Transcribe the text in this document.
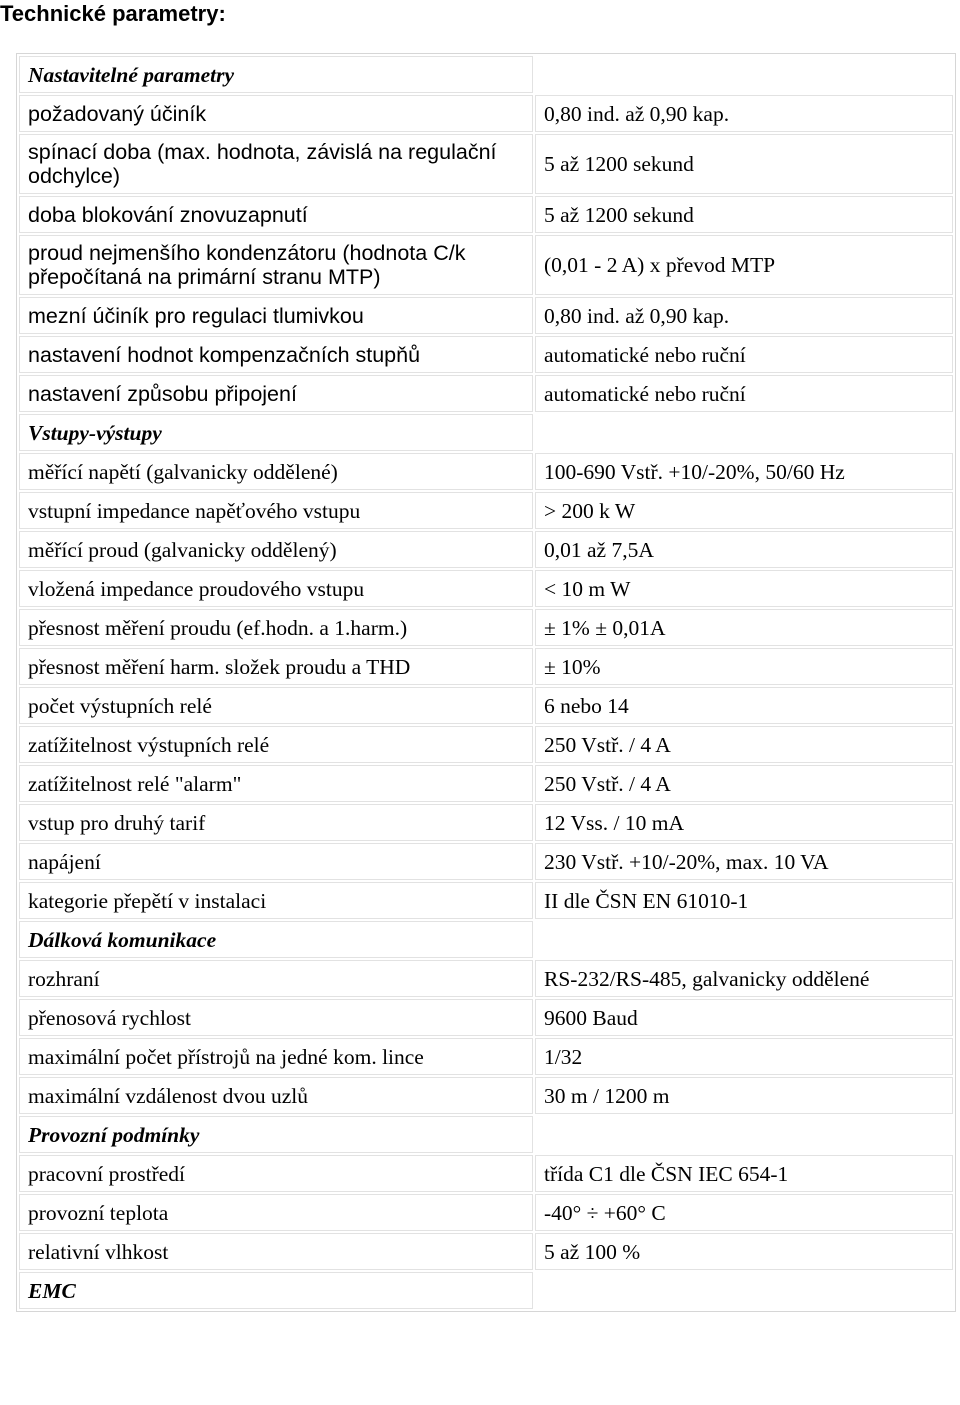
Technické parametry:
Nastavitelné parametry	
požadovaný účiník	0,80 ind. až 0,90 kap.
spínací doba (max. hodnota, závislá na regulační odchylce)	5 až 1200 sekund
doba blokování znovuzapnutí	5 až 1200 sekund
proud nejmenšího kondenzátoru (hodnota C/k přepočítaná na primární stranu MTP)	(0,01 - 2 A) x převod MTP
mezní účiník pro regulaci tlumivkou	0,80 ind. až 0,90 kap.
nastavení hodnot kompenzačních stupňů	automatické nebo ruční
nastavení způsobu připojení	automatické nebo ruční
Vstupy-výstupy	
měřící napětí (galvanicky oddělené)	100-690 Vstř. +10/-20%, 50/60 Hz
vstupní impedance napěťového vstupu	> 200 k W
měřící proud (galvanicky oddělený)	0,01 až 7,5A
vložená impedance proudového vstupu	< 10 m W
přesnost měření proudu (ef.hodn. a 1.harm.)	± 1% ± 0,01A
přesnost měření harm. složek proudu a THD	± 10%
počet výstupních relé	6 nebo 14
zatížitelnost výstupních relé	250 Vstř. / 4 A
zatížitelnost relé "alarm"	250 Vstř. / 4 A
vstup pro druhý tarif	12 Vss. / 10 mA
napájení	230 Vstř. +10/-20%, max. 10 VA
kategorie přepětí v instalaci	II dle ČSN EN 61010-1
Dálková komunikace	
rozhraní	RS-232/RS-485, galvanicky oddělené
přenosová rychlost	9600 Baud
maximální počet přístrojů na jedné kom. lince	1/32
maximální vzdálenost dvou uzlů	30 m / 1200 m
Provozní podmínky	
pracovní prostředí	třída C1 dle ČSN IEC 654-1
provozní teplota	-40° ÷ +60° C
relativní vlhkost	5 až 100 %
EMC	
